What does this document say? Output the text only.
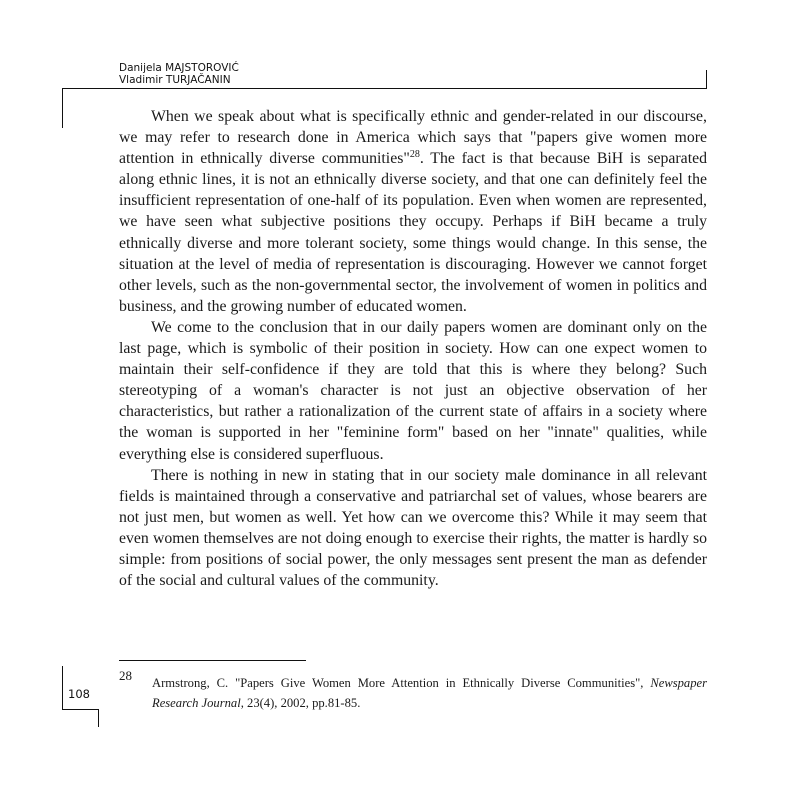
Danijela MAJSTOROVIĆ
Vladimir TURJAČANIN

When we speak about what is specifically ethnic and gender-related in our discourse, we may refer to research done in America which says that "papers give women more attention in ethnically diverse communities"$^{28}$. The fact is that because BiH is separated along ethnic lines, it is not an ethnically diverse society, and that one can definitely feel the insufficient representation of one-half of its population. Even when women are represented, we have seen what subjective positions they occupy. Perhaps if BiH became a truly ethnically diverse and more tolerant society, some things would change. In this sense, the situation at the level of media of representation is discouraging. However we cannot forget other levels, such as the non-governmental sector, the involvement of women in politics and business, and the growing number of educated women.

We come to the conclusion that in our daily papers women are dominant only on the last page, which is symbolic of their position in society. How can one expect women to maintain their self-confidence if they are told that this is where they belong? Such stereotyping of a woman's character is not just an objective observation of her characteristics, but rather a rationalization of the current state of affairs in a society where the woman is supported in her "feminine form" based on her "innate" qualities, while everything else is considered superfluous.

There is nothing in new in stating that in our society male dominance in all relevant fields is maintained through a conservative and patriarchal set of values, whose bearers are not just men, but women as well. Yet how can we overcome this? While it may seem that even women themselves are not doing enough to exercise their rights, the matter is hardly so simple: from positions of social power, the only messages sent present the man as defender of the social and cultural values of the community.

28 Armstrong, C. "Papers Give Women More Attention in Ethnically Diverse Communities", Newspaper Research Journal, 23(4), 2002, pp.81-85.
108
